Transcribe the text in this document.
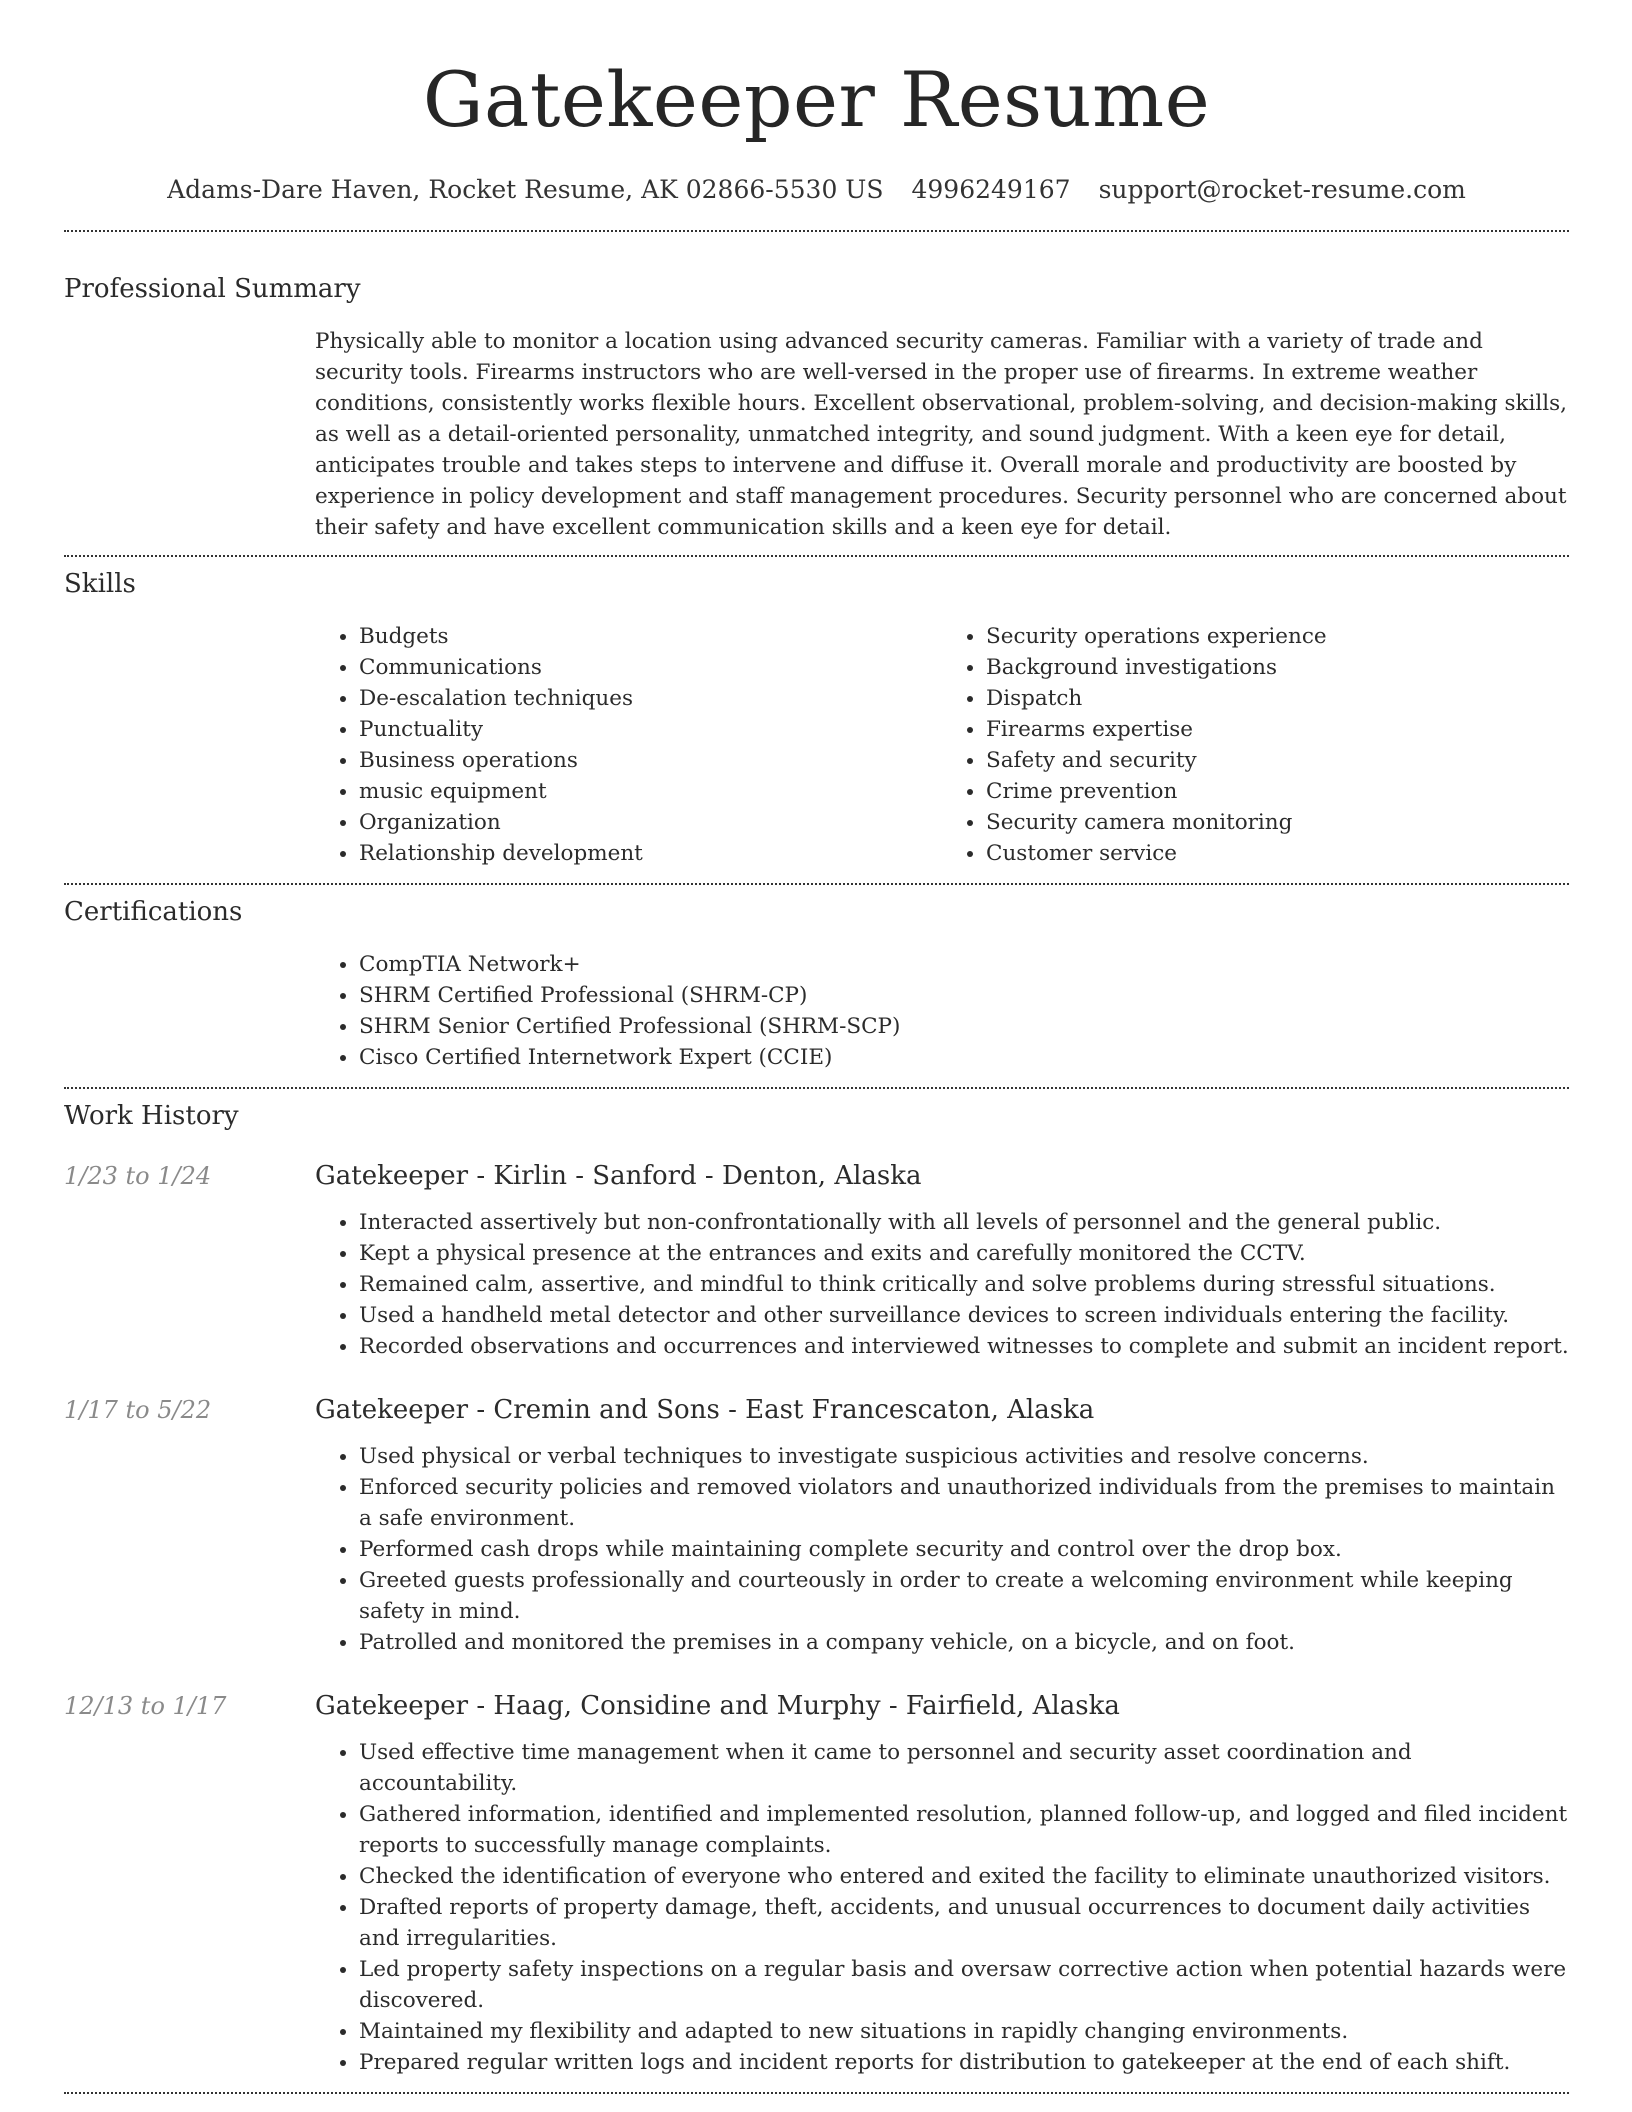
Gatekeeper Resume
Adams-Dare Haven, Rocket Resume, AK 02866-5530 US 4996249167 support@rocket-resume.com
Professional Summary

Physically able to monitor a location using advanced security cameras. Familiar with a variety of trade and security tools. Firearms instructors who are well-versed in the proper use of firearms. In extreme weather conditions, consistently works flexible hours. Excellent observational, problem-solving, and decision-making skills, as well as a detail-oriented personality, unmatched integrity, and sound judgment. With a keen eye for detail, anticipates trouble and takes steps to intervene and diffuse it. Overall morale and productivity are boosted by experience in policy development and staff management procedures. Security personnel who are concerned about their safety and have excellent communication skills and a keen eye for detail.

Skills
• Budgets
• Communications
• De-escalation techniques
• Punctuality
• Business operations
• music equipment
• Organization
• Relationship development
• Security operations experience
• Background investigations
• Dispatch
• Firearms expertise
• Safety and security
• Crime prevention
• Security camera monitoring
• Customer service
Certifications
• CompTIA Network+
• SHRM Certified Professional (SHRM-CP)
• SHRM Senior Certified Professional (SHRM-SCP)
• Cisco Certified Internetwork Expert (CCIE)
Work History
1/23 to 1/24	Gatekeeper - Kirlin - Sanford - Denton, Alaska
• Interacted assertively but non-confrontationally with all levels of personnel and the general public.
• Kept a physical presence at the entrances and exits and carefully monitored the CCTV.
• Remained calm, assertive, and mindful to think critically and solve problems during stressful situations.
• Used a handheld metal detector and other surveillance devices to screen individuals entering the facility.
• Recorded observations and occurrences and interviewed witnesses to complete and submit an incident report.
1/17 to 5/22	Gatekeeper - Cremin and Sons - East Francescaton, Alaska
• Used physical or verbal techniques to investigate suspicious activities and resolve concerns.
• Enforced security policies and removed violators and unauthorized individuals from the premises to maintain a safe environment.
• Performed cash drops while maintaining complete security and control over the drop box.
• Greeted guests professionally and courteously in order to create a welcoming environment while keeping safety in mind.
• Patrolled and monitored the premises in a company vehicle, on a bicycle, and on foot.
12/13 to 1/17	Gatekeeper - Haag, Considine and Murphy - Fairfield, Alaska
• Used effective time management when it came to personnel and security asset coordination and accountability.
• Gathered information, identified and implemented resolution, planned follow-up, and logged and filed incident reports to successfully manage complaints.
• Checked the identification of everyone who entered and exited the facility to eliminate unauthorized visitors.
• Drafted reports of property damage, theft, accidents, and unusual occurrences to document daily activities and irregularities.
• Led property safety inspections on a regular basis and oversaw corrective action when potential hazards were discovered.
• Maintained my flexibility and adapted to new situations in rapidly changing environments.
• Prepared regular written logs and incident reports for distribution to gatekeeper at the end of each shift.
